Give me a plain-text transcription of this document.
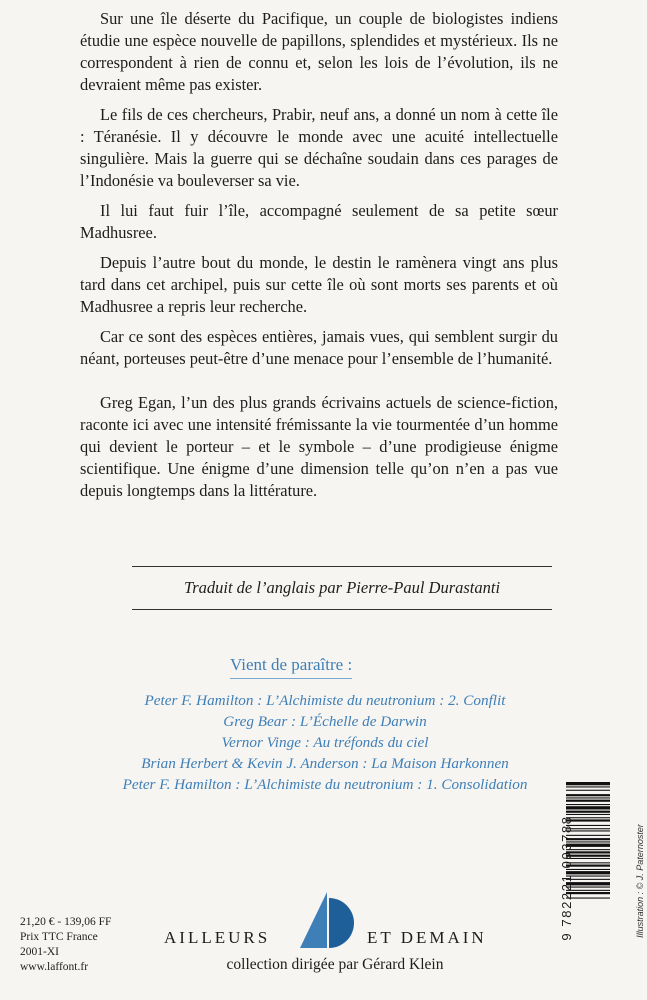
Sur une île déserte du Pacifique, un couple de biologistes indiens étudie une espèce nouvelle de papillons, splendides et mystérieux. Ils ne correspondent à rien de connu et, selon les lois de l’évolution, ils ne devraient même pas exister.

Le fils de ces chercheurs, Prabir, neuf ans, a donné un nom à cette île : Téranésie. Il y découvre le monde avec une acuité intellectuelle singulière. Mais la guerre qui se déchaîne soudain dans ces parages de l’Indonésie va bouleverser sa vie.

Il lui faut fuir l’île, accompagné seulement de sa petite sœur Madhusree.

Depuis l’autre bout du monde, le destin le ramènera vingt ans plus tard dans cet archipel, puis sur cette île où sont morts ses parents et où Madhusree a repris leur recherche.

Car ce sont des espèces entières, jamais vues, qui semblent surgir du néant, porteuses peut-être d’une menace pour l’ensemble de l’humanité.

Greg Egan, l’un des plus grands écrivains actuels de science-fiction, raconte ici avec une intensité frémissante la vie tourmentée d’un homme qui devient le porteur – et le symbole – d’une prodigieuse énigme scientifique. Une énigme d’une dimension telle qu’on n’en a pas vue depuis longtemps dans la littérature.

Traduit de l’anglais par Pierre-Paul Durastanti
Vient de paraître :
Peter F. Hamilton : L’Alchimiste du neutronium : 2. Conflit
Greg Bear : L’Échelle de Darwin
Vernor Vinge : Au tréfonds du ciel
Brian Herbert & Kevin J. Anderson : La Maison Harkonnen
Peter F. Hamilton : L’Alchimiste du neutronium : 1. Consolidation
21,20 € - 139,06 FF
Prix TTC France
2001-XI
www.laffont.fr
AILLEURS	ET DEMAIN
collection dirigée par Gérard Klein
9 782221 093788	Illustration : © J. Paternoster
